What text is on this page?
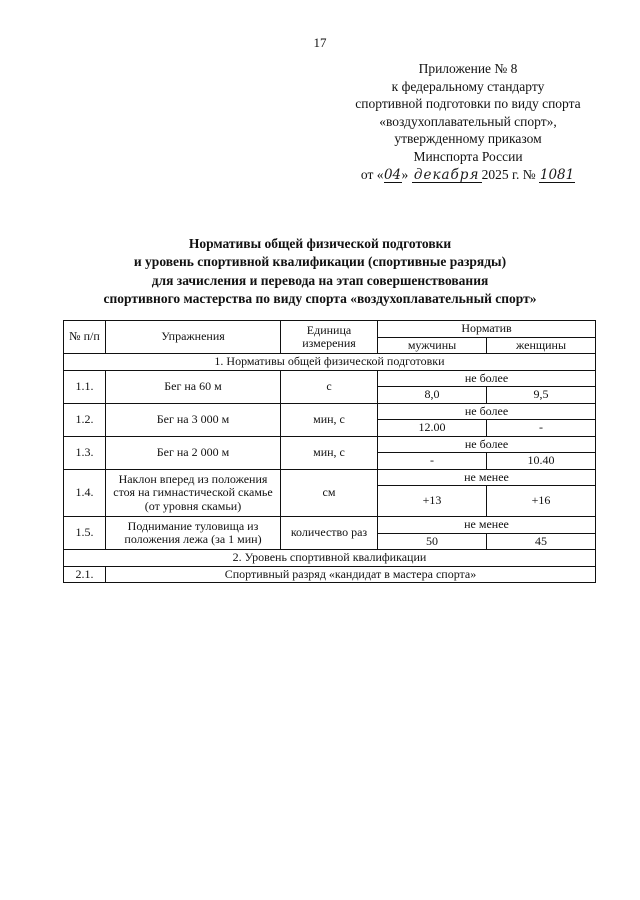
17
Приложение № 8
к федеральному стандарту
спортивной подготовки по виду спорта
«воздухоплавательный спорт»,
утвержденному приказом
Минспорта России
от «04» декабря 2025 г. № 1081
Нормативы общей физической подготовки
и уровень спортивной квалификации (спортивные разряды)
для зачисления и перевода на этап совершенствования
спортивного мастерства по виду спорта «воздухоплавательный спорт»
№ п/п	Упражнения	Единица измерения	Норматив	
			мужчины	женщины
1. Нормативы общей физической подготовки				
1.1.	Бег на 60 м	с	не более	
			8,0	9,5
1.2.	Бег на 3 000 м	мин, с	не более	
			12.00	-
1.3.	Бег на 2 000 м	мин, с	не более	
			-	10.40
1.4.	Наклон вперед из положения стоя на гимнастической скамье (от уровня скамьи)	см	не менее	
			+13	+16
1.5.	Поднимание туловища из положения лежа (за 1 мин)	количество раз	не менее	
			50	45
2. Уровень спортивной квалификации				
2.1.	Спортивный разряд «кандидат в мастера спорта»			
